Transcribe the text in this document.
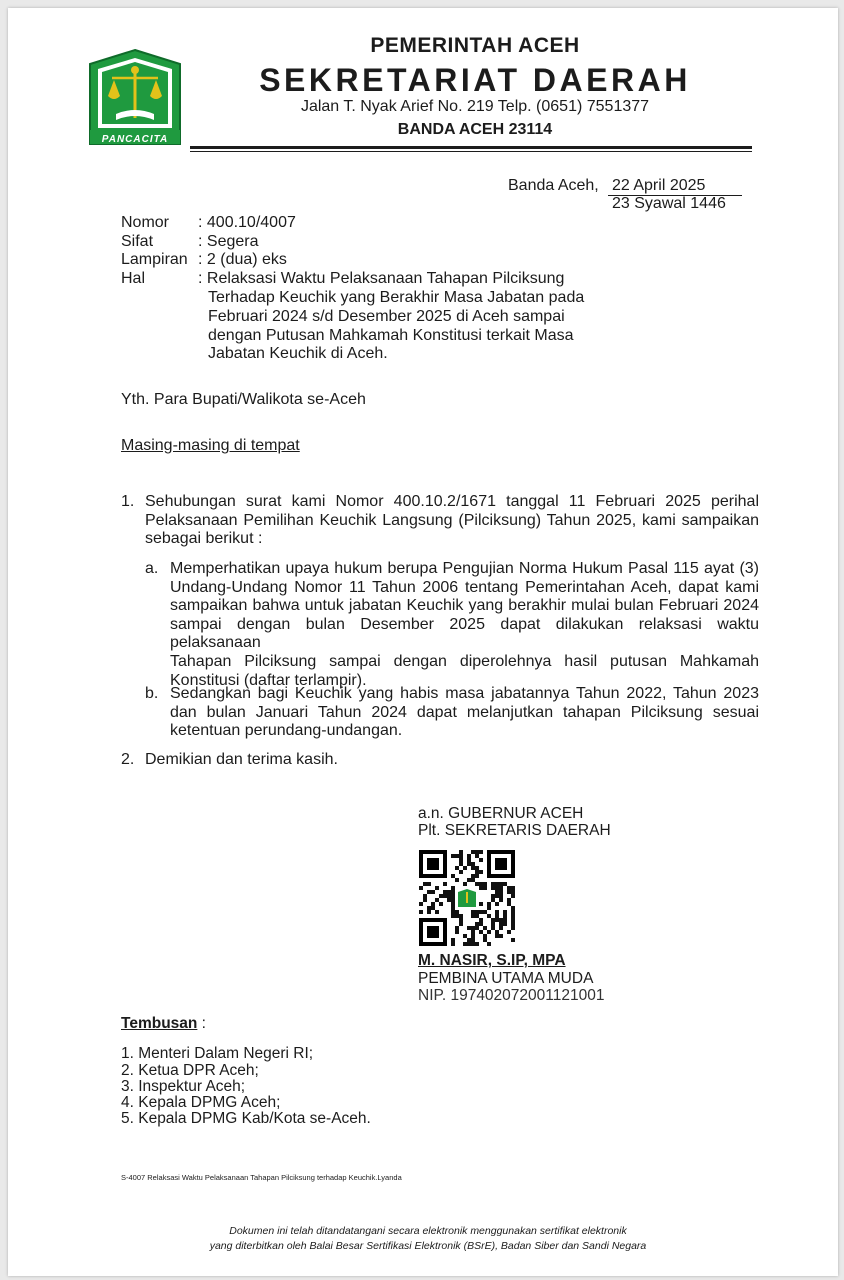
PANCACITA
PEMERINTAH ACEH
SEKRETARIAT DAERAH
Jalan T. Nyak Arief No. 219 Telp. (0651) 7551377
BANDA ACEH 23114
Banda Aceh, 22 April 2025
23 Syawal 1446
Nomor : 400.10/4007
Sifat	: Segera
Lampiran : 2 (dua) eks
Hal	: Relaksasi Waktu Pelaksanaan Tahapan Pilciksung
Terhadap Keuchik yang Berakhir Masa Jabatan pada
Februari 2024 s/d Desember 2025 di Aceh sampai
dengan Putusan Mahkamah Konstitusi terkait Masa
Jabatan Keuchik di Aceh.
Yth. Para Bupati/Walikota se-Aceh
Masing-masing di tempat
1. Sehubungan surat kami Nomor 400.10.2/1671 tanggal 11 Februari 2025 perihal
Pelaksanaan Pemilihan Keuchik Langsung (Pilciksung) Tahun 2025, kami sampaikan
sebagai berikut :
a. Memperhatikan upaya hukum berupa Pengujian Norma Hukum Pasal 115 ayat (3)
Undang-Undang Nomor 11 Tahun 2006 tentang Pemerintahan Aceh, dapat kami
sampaikan bahwa untuk jabatan Keuchik yang berakhir mulai bulan Februari 2024
sampai dengan bulan Desember 2025 dapat dilakukan relaksasi waktu pelaksanaan
Tahapan Pilciksung sampai dengan diperolehnya hasil putusan Mahkamah
Konstitusi (daftar terlampir).
b. Sedangkan bagi Keuchik yang habis masa jabatannya Tahun 2022, Tahun 2023
dan bulan Januari Tahun 2024 dapat melanjutkan tahapan Pilciksung sesuai
ketentuan perundang-undangan.
2. Demikian dan terima kasih.
a.n. GUBERNUR ACEH
Plt. SEKRETARIS DAERAH
M. NASIR, S.IP, MPA
PEMBINA UTAMA MUDA
NIP. 197402072001121001
Tembusan :
1. Menteri Dalam Negeri RI;
2. Ketua DPR Aceh;
3. Inspektur Aceh;
4. Kepala DPMG Aceh;
5. Kepala DPMG Kab/Kota se-Aceh.
S-4007 Relaksasi Waktu Pelaksanaan Tahapan Pilciksung terhadap Keuchik.Lyanda
Dokumen ini telah ditandatangani secara elektronik menggunakan sertifikat elektronik
yang diterbitkan oleh Balai Besar Sertifikasi Elektronik (BSrE), Badan Siber dan Sandi Negara
